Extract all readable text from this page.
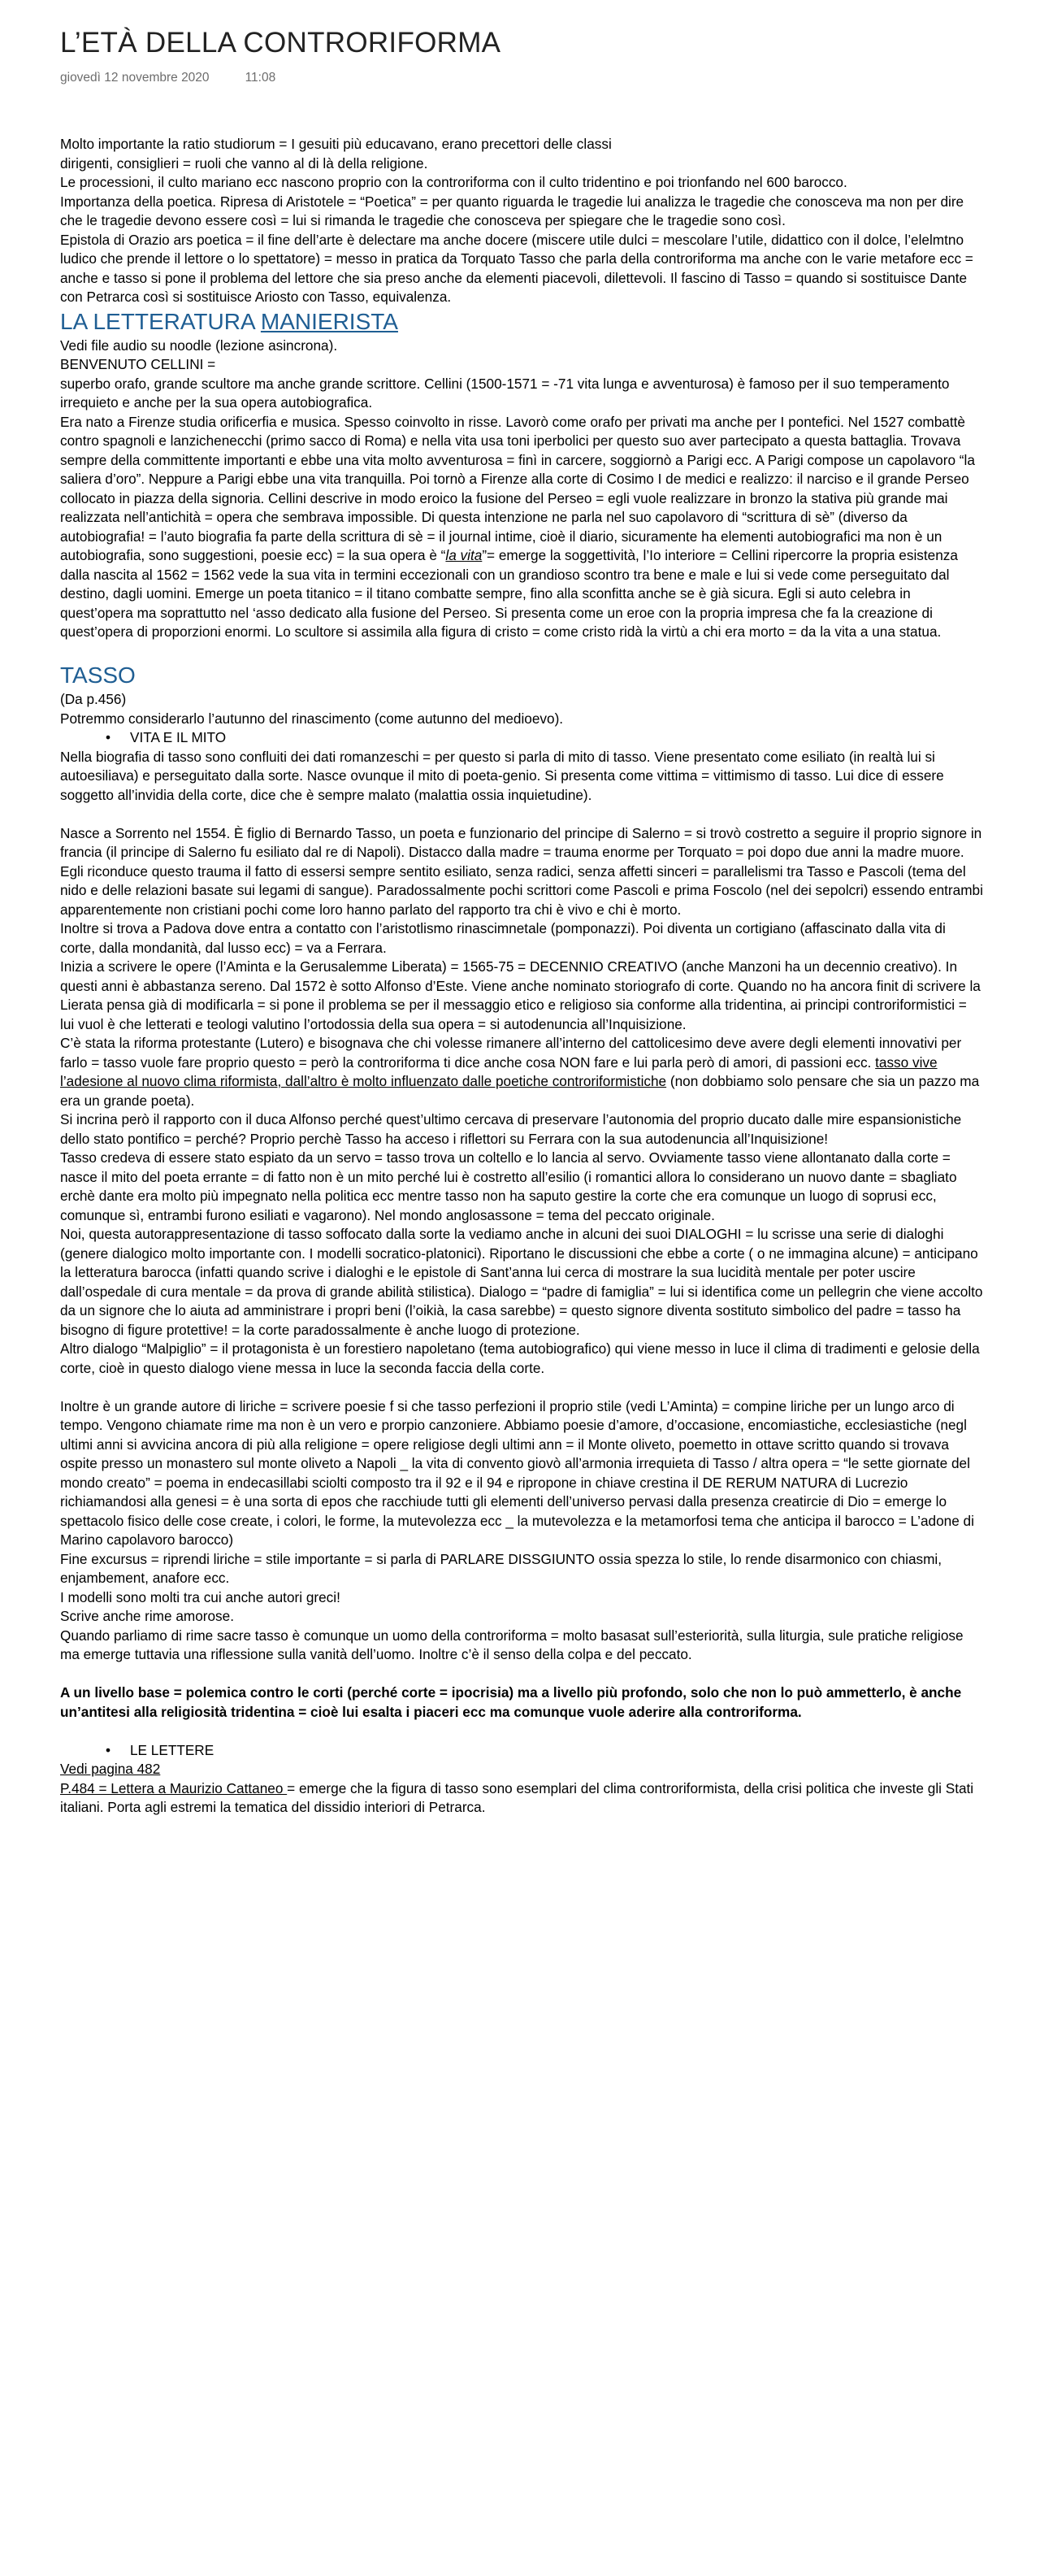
L’ETÀ DELLA CONTRORIFORMA
giovedì 12 novembre 2020	11:08

Molto importante la ratio studiorum = I gesuiti più educavano, erano precettori delle classi

dirigenti, consiglieri = ruoli che vanno al di là della religione.

Le processioni, il culto mariano ecc nascono proprio con la controriforma con il culto tridentino e poi trionfando nel 600 barocco.

Importanza della poetica. Ripresa di Aristotele = “Poetica” = per quanto riguarda le tragedie lui analizza le tragedie che conosceva ma non per dire che le tragedie devono essere così = lui si rimanda le tragedie che conosceva per spiegare che le tragedie sono così.

Epistola di Orazio ars poetica = il fine dell’arte è delectare ma anche docere (miscere utile dulci = mescolare l’utile, didattico con il dolce, l’elelmtno ludico che prende il lettore o lo spettatore) = messo in pratica da Torquato Tasso che parla della controriforma ma anche con le varie metafore ecc = anche e tasso si pone il problema del lettore che sia preso anche da elementi piacevoli, dilettevoli. Il fascino di Tasso = quando si sostituisce Dante con Petrarca così si sostituisce Ariosto con Tasso, equivalenza.

LA LETTERATURA MANIERISTA

Vedi file audio su noodle (lezione asincrona).

BENVENUTO CELLINI =

superbo orafo, grande scultore ma anche grande scrittore. Cellini (1500-1571 = -71 vita lunga e avventurosa) è famoso per il suo temperamento irrequieto e anche per la sua opera autobiografica.

Era nato a Firenze studia orificerfia e musica. Spesso coinvolto in risse. Lavorò come orafo per privati ma anche per I pontefici. Nel 1527 combattè contro spagnoli e lanzichenecchi (primo sacco di Roma) e nella vita usa toni iperbolici per questo suo aver partecipato a questa battaglia. Trovava sempre della committente importanti e ebbe una vita molto avventurosa = finì in carcere, soggiornò a Parigi ecc. A Parigi compose un capolavoro “la saliera d’oro”. Neppure a Parigi ebbe una vita tranquilla. Poi tornò a Firenze alla corte di Cosimo I de medici e realizzo: il narciso e il grande Perseo collocato in piazza della signoria. Cellini descrive in modo eroico la fusione del Perseo = egli vuole realizzare in bronzo la stativa più grande mai realizzata nell’antichità = opera che sembrava impossible. Di questa intenzione ne parla nel suo capolavoro di “scrittura di sè” (diverso da autobiografia! = l’auto biografia fa parte della scrittura di sè = il journal intime, cioè il diario, sicuramente ha elementi autobiografici ma non è un autobiografia, sono suggestioni, poesie ecc) = la sua opera è “la vita”= emerge la soggettività, l’Io interiore = Cellini ripercorre la propria esistenza dalla nascita al 1562 = 1562 vede la sua vita in termini eccezionali con un grandioso scontro tra bene e male e lui si vede come perseguitato dal destino, dagli uomini. Emerge un poeta titanico = il titano combatte sempre, fino alla sconfitta anche se è già sicura. Egli si auto celebra in quest’opera ma soprattutto nel ‘asso dedicato alla fusione del Perseo. Si presenta come un eroe con la propria impresa che fa la creazione di quest’opera di proporzioni enormi. Lo scultore si assimila alla figura di cristo = come cristo ridà la virtù a chi era morto = da la vita a una statua.

TASSO

(Da p.456)

Potremmo considerarlo l’autunno del rinascimento (come autunno del medioevo).

•	VITA E IL MITO

Nella biografia di tasso sono confluiti dei dati romanzeschi = per questo si parla di mito di tasso. Viene presentato come esiliato (in realtà lui si autoesiliava) e perseguitato dalla sorte. Nasce ovunque il mito di poeta-genio. Si presenta come vittima = vittimismo di tasso. Lui dice di essere soggetto all’invidia della corte, dice che è sempre malato (malattia ossia inquietudine).

Nasce a Sorrento nel 1554. È figlio di Bernardo Tasso, un poeta e funzionario del principe di Salerno = si trovò costretto a seguire il proprio signore in francia (il principe di Salerno fu esiliato dal re di Napoli). Distacco dalla madre = trauma enorme per Torquato = poi dopo due anni la madre muore. Egli riconduce questo trauma il fatto di essersi sempre sentito esiliato, senza radici, senza affetti sinceri = parallelismi tra Tasso e Pascoli (tema del nido e delle relazioni basate sui legami di sangue). Paradossalmente pochi scrittori come Pascoli e prima Foscolo (nel dei sepolcri) essendo entrambi apparentemente non cristiani pochi come loro hanno parlato del rapporto tra chi è vivo e chi è morto.

Inoltre si trova a Padova dove entra a contatto con l’aristotlismo rinascimnetale (pomponazzi). Poi diventa un cortigiano (affascinato dalla vita di corte, dalla mondanità, dal lusso ecc) = va a Ferrara.

Inizia a scrivere le opere (l’Aminta e la Gerusalemme Liberata) = 1565-75 = DECENNIO CREATIVO (anche Manzoni ha un decennio creativo). In questi anni è abbastanza sereno. Dal 1572 è sotto Alfonso d’Este. Viene anche nominato storiografo di corte. Quando no ha ancora finit di scrivere la Lierata pensa già di modificarla = si pone il problema se per il messaggio etico e religioso sia conforme alla tridentina, ai principi controriformistici = lui vuol è che letterati e teologi valutino l’ortodossia della sua opera = si autodenuncia all’Inquisizione.

C’è stata la riforma protestante (Lutero) e bisognava che chi volesse rimanere all’interno del cattolicesimo deve avere degli elementi innovativi per farlo = tasso vuole fare proprio questo = però la controriforma ti dice anche cosa NON fare e lui parla però di amori, di passioni ecc. tasso vive l’adesione al nuovo clima riformista, dall’altro è molto influenzato dalle poetiche controriformistiche (non dobbiamo solo pensare che sia un pazzo ma era un grande poeta).

Si incrina però il rapporto con il duca Alfonso perché quest’ultimo cercava di preservare l’autonomia del proprio ducato dalle mire espansionistiche dello stato pontifico = perché? Proprio perchè Tasso ha acceso i riflettori su Ferrara con la sua autodenuncia all’Inquisizione!

Tasso credeva di essere stato espiato da un servo = tasso trova un coltello e lo lancia al servo. Ovviamente tasso viene allontanato dalla corte = nasce il mito del poeta errante = di fatto non è un mito perché lui è costretto all’esilio (i romantici allora lo considerano un nuovo dante = sbagliato erchè dante era molto più impegnato nella politica ecc mentre tasso non ha saputo gestire la corte che era comunque un luogo di soprusi ecc, comunque sì, entrambi furono esiliati e vagarono). Nel mondo anglosassone = tema del peccato originale.

Noi, questa autorappresentazione di tasso soffocato dalla sorte la vediamo anche in alcuni dei suoi DIALOGHI = lu scrisse una serie di dialoghi (genere dialogico molto importante con. I modelli socratico-platonici). Riportano le discussioni che ebbe a corte ( o ne immagina alcune) = anticipano la letteratura barocca (infatti quando scrive i dialoghi e le epistole di Sant’anna lui cerca di mostrare la sua lucidità mentale per poter uscire dall’ospedale di cura mentale = da prova di grande abilità stilistica). Dialogo = “padre di famiglia” = lui si identifica come un pellegrin che viene accolto da un signore che lo aiuta ad amministrare i propri beni (l’oikià, la casa sarebbe) = questo signore diventa sostituto simbolico del padre = tasso ha bisogno di figure protettive! = la corte paradossalmente è anche luogo di protezione.

Altro dialogo “Malpiglio” = il protagonista è un forestiero napoletano (tema autobiografico) qui viene messo in luce il clima di tradimenti e gelosie della corte, cioè in questo dialogo viene messa in luce la seconda faccia della corte.

Inoltre è un grande autore di liriche = scrivere poesie f si che tasso perfezioni il proprio stile (vedi L’Aminta) = compine liriche per un lungo arco di tempo. Vengono chiamate rime ma non è un vero e prorpio canzoniere. Abbiamo poesie d’amore, d’occasione, encomiastiche, ecclesiastiche (negl ultimi anni si avvicina ancora di più alla religione = opere religiose degli ultimi ann = il Monte oliveto, poemetto in ottave scritto quando si trovava ospite presso un monastero sul monte oliveto a Napoli _ la vita di convento giovò all’armonia irrequieta di Tasso / altra opera = “le sette giornate del mondo creato” = poema in endecasillabi sciolti composto tra il 92 e il 94 e ripropone in chiave crestina il DE RERUM NATURA di Lucrezio richiamandosi alla genesi = è una sorta di epos che racchiude tutti gli elementi dell’universo pervasi dalla presenza creatircie di Dio = emerge lo spettacolo fisico delle cose create, i colori, le forme, la mutevolezza ecc _ la mutevolezza e la metamorfosi tema che anticipa il barocco = L’adone di Marino capolavoro barocco)

Fine excursus = riprendi liriche = stile importante = si parla di PARLARE DISSGIUNTO ossia spezza lo stile, lo rende disarmonico con chiasmi, enjambement, anafore ecc.

I modelli sono molti tra cui anche autori greci!

Scrive anche rime amorose.

Quando parliamo di rime sacre tasso è comunque un uomo della controriforma = molto basasat sull’esteriorità, sulla liturgia, sule pratiche religiose ma emerge tuttavia una riflessione sulla vanità dell’uomo. Inoltre c’è il senso della colpa e del peccato.

A un livello base = polemica contro le corti (perché corte = ipocrisia) ma a livello più profondo, solo che non lo può ammetterlo, è anche un’antitesi alla religiosità tridentina = cioè lui esalta i piaceri ecc ma comunque vuole aderire alla controriforma.

•	LE LETTERE

Vedi pagina 482

P.484 = Lettera a Maurizio Cattaneo = emerge che la figura di tasso sono esemplari del clima controriformista, della crisi politica che investe gli Stati italiani. Porta agli estremi la tematica del dissidio interiori di Petrarca.
